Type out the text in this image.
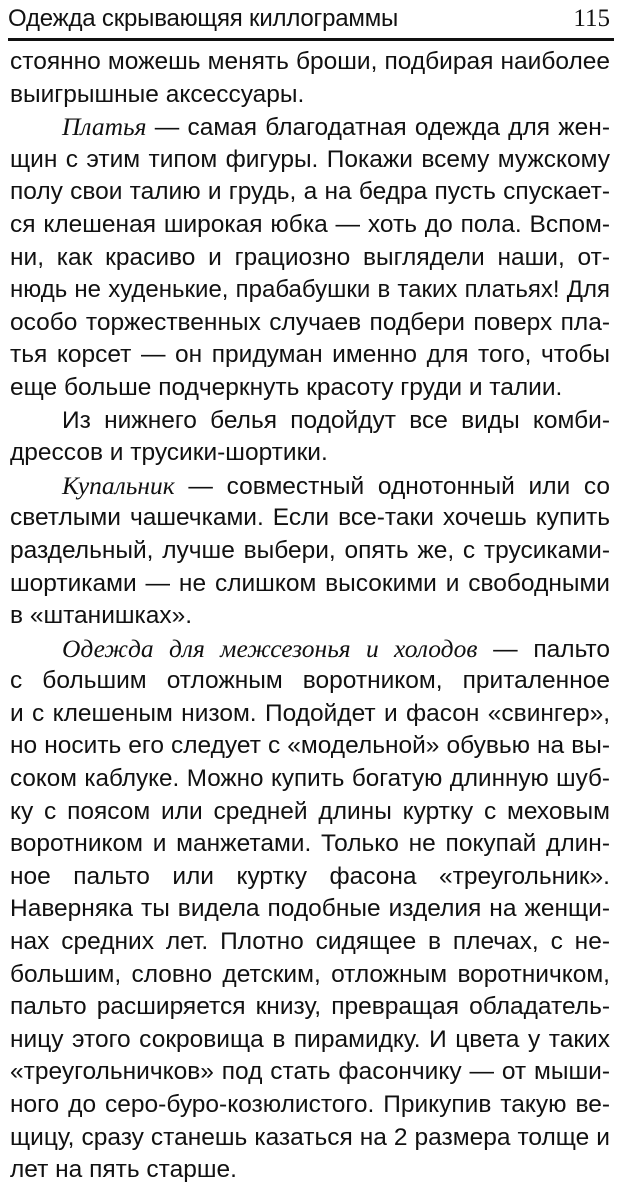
Одежда скрывающяя киллограммы	115
стоянно можешь менять броши, подбирая наиболее
выигрышные аксессуары.
Платья — самая благодатная одежда для жен-
щин с этим типом фигуры. Покажи всему мужскому
полу свои талию и грудь, а на бедра пусть спускает-
ся клешеная широкая юбка — хоть до пола. Вспом-
ни, как красиво и грациозно выглядели наши, от-
нюдь не худенькие, прабабушки в таких платьях! Для
особо торжественных случаев подбери поверх пла-
тья корсет — он придуман именно для того, чтобы
еще больше подчеркнуть красоту груди и талии.
Из нижнего белья подойдут все виды комби-
дрессов и трусики-шортики.
Купальник — совместный однотонный или со
светлыми чашечками. Если все-таки хочешь купить
раздельный, лучше выбери, опять же, с трусиками-
шортиками — не слишком высокими и свободными
в «штанишках».
Одежда для межсезонья и холодов — пальто
с большим отложным воротником, приталенное
и с клешеным низом. Подойдет и фасон «свингер»,
но носить его следует с «модельной» обувью на вы-
соком каблуке. Можно купить богатую длинную шуб-
ку с поясом или средней длины куртку с меховым
воротником и манжетами. Только не покупай длин-
ное пальто или куртку фасона «треугольник».
Наверняка ты видела подобные изделия на женщи-
нах средних лет. Плотно сидящее в плечах, с не-
большим, словно детским, отложным воротничком,
пальто расширяется книзу, превращая обладатель-
ницу этого сокровища в пирамидку. И цвета у таких
«треугольничков» под стать фасончику — от мыши-
ного до серо-буро-козюлистого. Прикупив такую ве-
щицу, сразу станешь казаться на 2 размера толще и
лет на пять старше.
